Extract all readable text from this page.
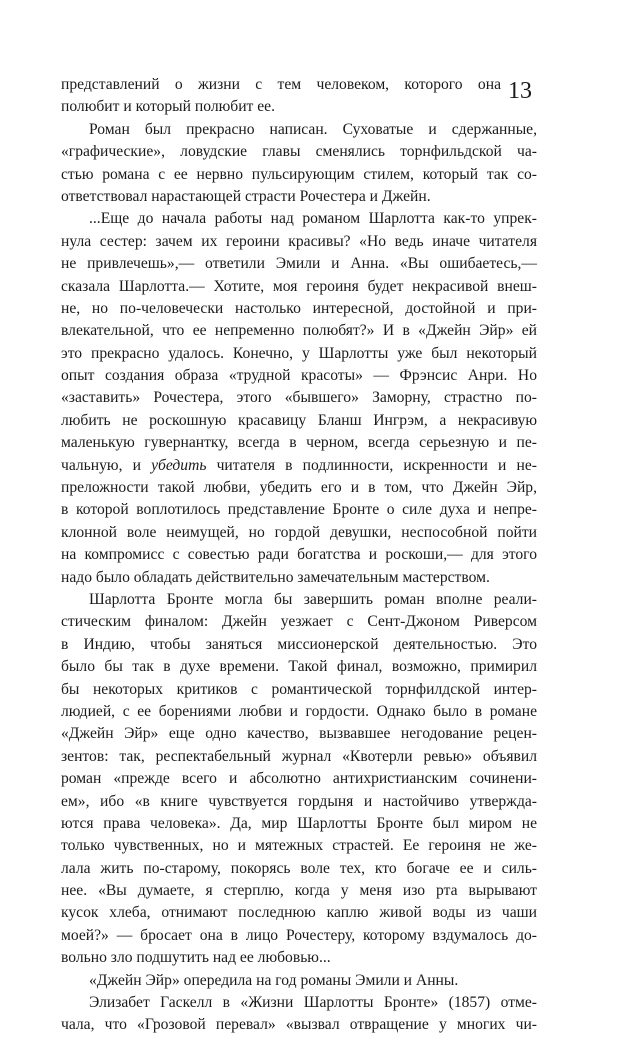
13
представлений о жизни с тем человеком, которого она
полюбит и который полюбит ее.
Роман был прекрасно написан. Суховатые и сдержанные,
«графические», ловудские главы сменялись торнфильдской ча-
стью романа с ее нервно пульсирующим стилем, который так со-
ответствовал нарастающей страсти Рочестера и Джейн.
...Еще до начала работы над романом Шарлотта как-то упрек-
нула сестер: зачем их героини красивы? «Но ведь иначе читателя
не привлечешь»,— ответили Эмили и Анна. «Вы ошибаетесь,—
сказала Шарлотта.— Хотите, моя героиня будет некрасивой внеш-
не, но по-человечески настолько интересной, достойной и при-
влекательной, что ее непременно полюбят?» И в «Джейн Эйр» ей
это прекрасно удалось. Конечно, у Шарлотты уже был некоторый
опыт создания образа «трудной красоты» — Фрэнсис Анри. Но
«заставить» Рочестера, этого «бывшего» Заморну, страстно по-
любить не роскошную красавицу Бланш Ингрэм, а некрасивую
маленькую гувернантку, всегда в черном, всегда серьезную и пе-
чальную, и убедить читателя в подлинности, искренности и не-
преложности такой любви, убедить его и в том, что Джейн Эйр,
в которой воплотилось представление Бронте о силе духа и непре-
клонной воле неимущей, но гордой девушки, неспособной пойти
на компромисс с совестью ради богатства и роскоши,— для этого
надо было обладать действительно замечательным мастерством.
Шарлотта Бронте могла бы завершить роман вполне реали-
стическим финалом: Джейн уезжает с Сент-Джоном Риверсом
в Индию, чтобы заняться миссионерской деятельностью. Это
было бы так в духе времени. Такой финал, возможно, примирил
бы некоторых критиков с романтической торнфилдской интер-
людией, с ее борениями любви и гордости. Однако было в романе
«Джейн Эйр» еще одно качество, вызвавшее негодование рецен-
зентов: так, респектабельный журнал «Квотерли ревью» объявил
роман «прежде всего и абсолютно антихристианским сочинени-
ем», ибо «в книге чувствуется гордыня и настойчиво утвержда-
ются права человека». Да, мир Шарлотты Бронте был миром не
только чувственных, но и мятежных страстей. Ее героиня не же-
лала жить по-старому, покорясь воле тех, кто богаче ее и силь-
нее. «Вы думаете, я стерплю, когда у меня изо рта вырывают
кусок хлеба, отнимают последнюю каплю живой воды из чаши
моей?» — бросает она в лицо Рочестеру, которому вздумалось до-
вольно зло подшутить над ее любовью...
«Джейн Эйр» опередила на год романы Эмили и Анны.
Элизабет Гаскелл в «Жизни Шарлотты Бронте» (1857) отме-
чала, что «Грозовой перевал» «вызвал отвращение у многих чи-
